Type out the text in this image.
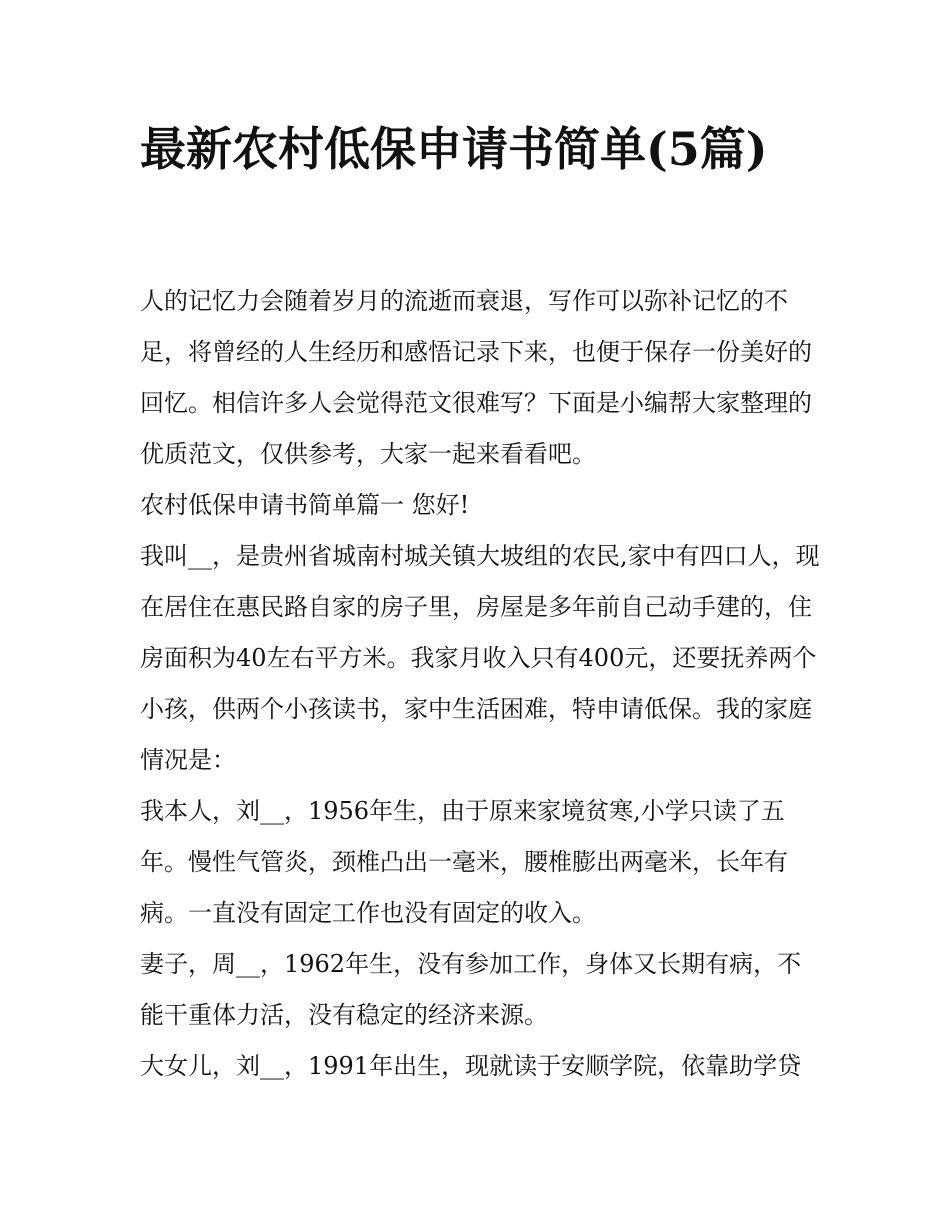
最新农村低保申请书简单(5篇)

人的记忆力会随着岁月的流逝而衰退，写作可以弥补记忆的不足，将曾经的人生经历和感悟记录下来，也便于保存一份美好的回忆。相信许多人会觉得范文很难写？下面是小编帮大家整理的优质范文，仅供参考，大家一起来看看吧。

农村低保申请书简单篇一 您好!

我叫__，是贵州省城南村城关镇大坡组的农民,家中有四口人，现在居住在惠民路自家的房子里，房屋是多年前自己动手建的，住房面积为40左右平方米。我家月收入只有400元，还要抚养两个小孩，供两个小孩读书，家中生活困难，特申请低保。我的家庭情况是：

我本人，刘__，1956年生，由于原来家境贫寒,小学只读了五年。慢性气管炎，颈椎凸出一毫米，腰椎膨出两毫米，长年有病。一直没有固定工作也没有固定的收入。

妻子，周__，1962年生，没有参加工作，身体又长期有病，不能干重体力活，没有稳定的经济来源。

大女儿，刘__，1991年出生，现就读于安顺学院，依靠助学贷
